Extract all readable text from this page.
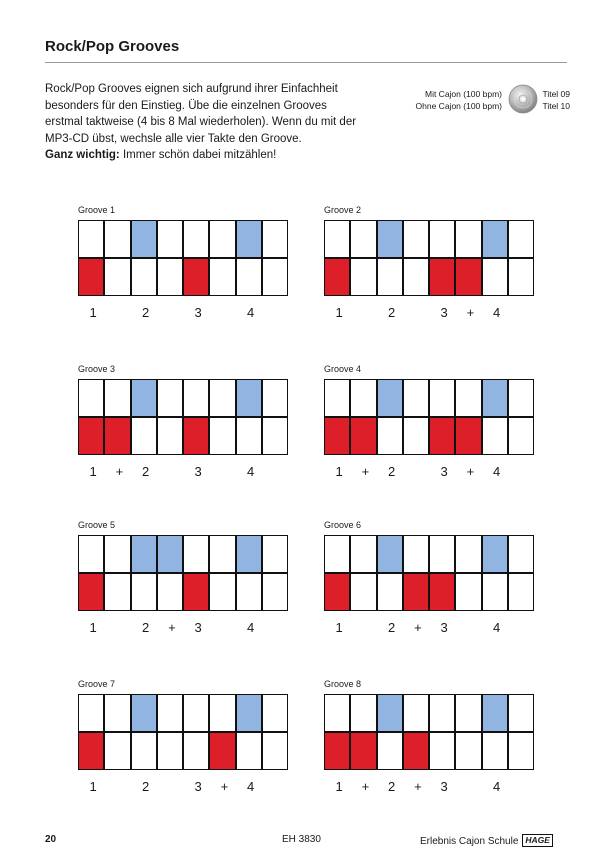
Rock/Pop Grooves

Rock/Pop Grooves eignen sich aufgrund ihrer Einfachheit

besonders für den Einstieg. Übe die einzelnen Grooves

erstmal taktweise (4 bis 8 Mal wiederholen). Wenn du mit der

MP3-CD übst, wechsle alle vier Takte den Groove.

Ganz wichtig: Immer schön dabei mitzählen!

Mit Cajon (100 bpm)
Ohne Cajon (100 bpm)
Titel 09
Titel 10
Groove 1
1	2	3	4
Groove 2
1	2	3	+	4
Groove 3
1	+	2	3	4
Groove 4
1	+	2	3	+	4
Groove 5
1	2	+	3	4
Groove 6
1	2	+	3	4
Groove 7
1	2	3	+	4
Groove 8
1	+	2	+	3	4
20	EH 3830	Erlebnis Cajon Schule HAGE
